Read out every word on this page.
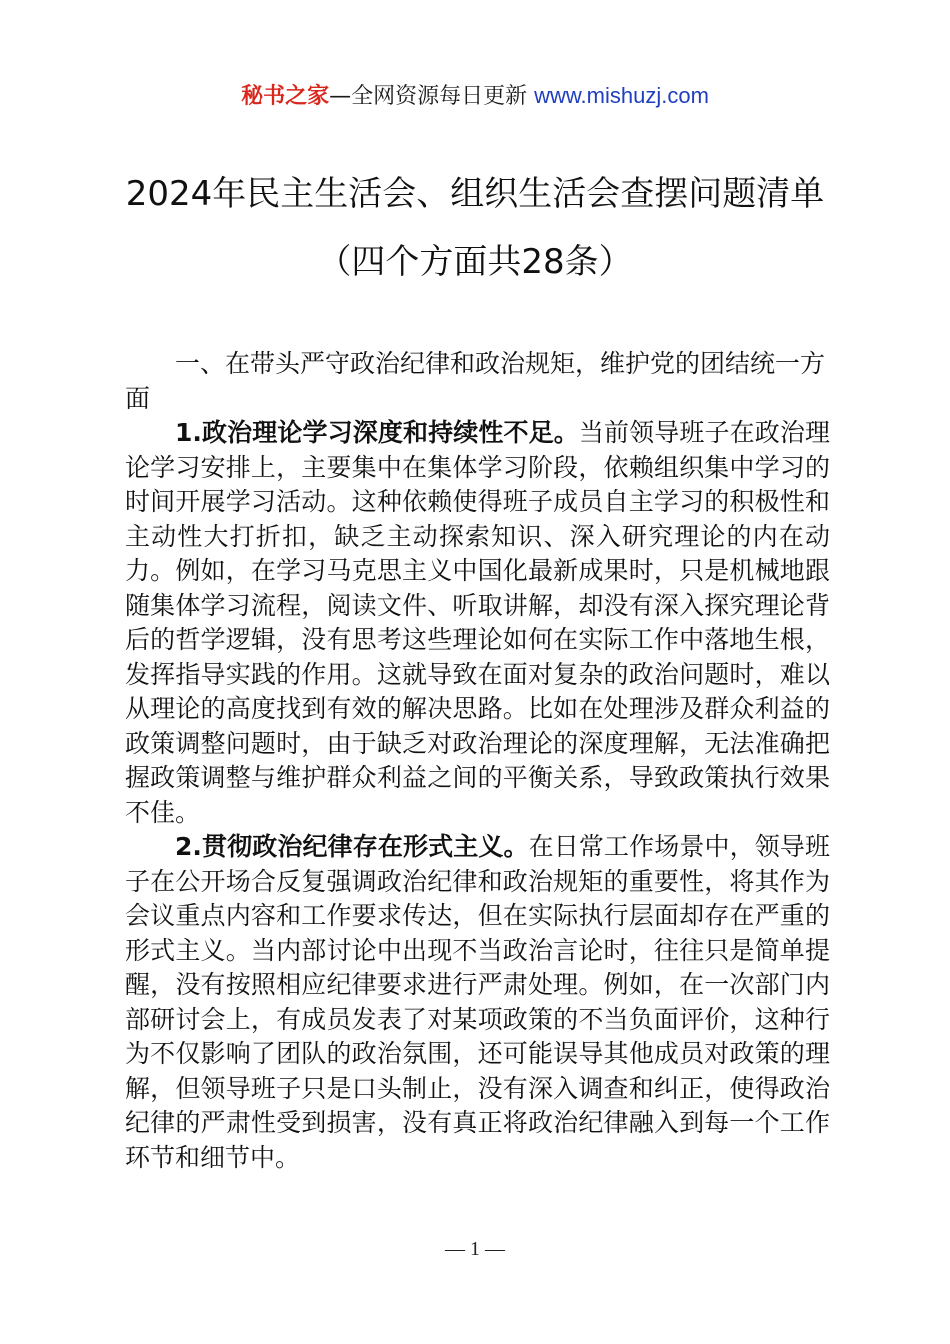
秘书之家—全网资源每日更新 www.mishuzj.com
2024年民主生活会、组织生活会查摆问题清单（四个方面共28条）

一、在带头严守政治纪律和政治规矩，维护党的团结统一方面

1.政治理论学习深度和持续性不足。当前领导班子在政治理论学习安排上，主要集中在集体学习阶段，依赖组织集中学习的时间开展学习活动。这种依赖使得班子成员自主学习的积极性和主动性大打折扣，缺乏主动探索知识、深入研究理论的内在动力。例如，在学习马克思主义中国化最新成果时，只是机械地跟随集体学习流程，阅读文件、听取讲解，却没有深入探究理论背后的哲学逻辑，没有思考这些理论如何在实际工作中落地生根，发挥指导实践的作用。这就导致在面对复杂的政治问题时，难以从理论的高度找到有效的解决思路。比如在处理涉及群众利益的政策调整问题时，由于缺乏对政治理论的深度理解，无法准确把握政策调整与维护群众利益之间的平衡关系，导致政策执行效果不佳。

2.贯彻政治纪律存在形式主义。在日常工作场景中，领导班子在公开场合反复强调政治纪律和政治规矩的重要性，将其作为会议重点内容和工作要求传达，但在实际执行层面却存在严重的形式主义。当内部讨论中出现不当政治言论时，往往只是简单提醒，没有按照相应纪律要求进行严肃处理。例如，在一次部门内部研讨会上，有成员发表了对某项政策的不当负面评价，这种行为不仅影响了团队的政治氛围，还可能误导其他成员对政策的理解，但领导班子只是口头制止，没有深入调查和纠正，使得政治纪律的严肃性受到损害，没有真正将政治纪律融入到每一个工作环节和细节中。

— 1 —
